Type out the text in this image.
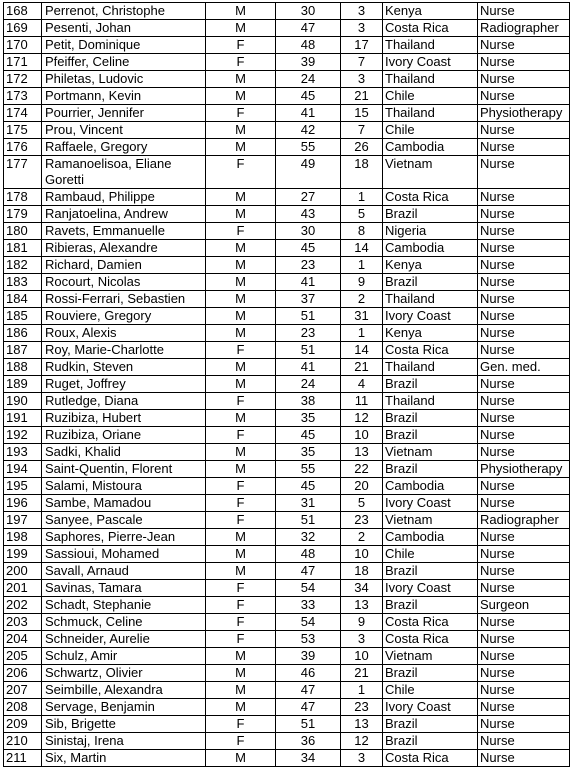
168	Perrenot, Christophe	M	30	3	Kenya	Nurse
169	Pesenti, Johan	M	47	3	Costa Rica	Radiographer
170	Petit, Dominique	F	48	17	Thailand	Nurse
171	Pfeiffer, Celine	F	39	7	Ivory Coast	Nurse
172	Philetas, Ludovic	M	24	3	Thailand	Nurse
173	Portmann, Kevin	M	45	21	Chile	Nurse
174	Pourrier, Jennifer	F	41	15	Thailand	Physiotherapy
175	Prou, Vincent	M	42	7	Chile	Nurse
176	Raffaele, Gregory	M	55	26	Cambodia	Nurse
177	Ramanoelisoa, Eliane Goretti	F	49	18	Vietnam	Nurse
178	Rambaud, Philippe	M	27	1	Costa Rica	Nurse
179	Ranjatoelina, Andrew	M	43	5	Brazil	Nurse
180	Ravets, Emmanuelle	F	30	8	Nigeria	Nurse
181	Ribieras, Alexandre	M	45	14	Cambodia	Nurse
182	Richard, Damien	M	23	1	Kenya	Nurse
183	Rocourt, Nicolas	M	41	9	Brazil	Nurse
184	Rossi-Ferrari, Sebastien	M	37	2	Thailand	Nurse
185	Rouviere, Gregory	M	51	31	Ivory Coast	Nurse
186	Roux, Alexis	M	23	1	Kenya	Nurse
187	Roy, Marie-Charlotte	F	51	14	Costa Rica	Nurse
188	Rudkin, Steven	M	41	21	Thailand	Gen. med.
189	Ruget, Joffrey	M	24	4	Brazil	Nurse
190	Rutledge, Diana	F	38	11	Thailand	Nurse
191	Ruzibiza, Hubert	M	35	12	Brazil	Nurse
192	Ruzibiza, Oriane	F	45	10	Brazil	Nurse
193	Sadki, Khalid	M	35	13	Vietnam	Nurse
194	Saint-Quentin, Florent	M	55	22	Brazil	Physiotherapy
195	Salami, Mistoura	F	45	20	Cambodia	Nurse
196	Sambe, Mamadou	F	31	5	Ivory Coast	Nurse
197	Sanyee, Pascale	F	51	23	Vietnam	Radiographer
198	Saphores, Pierre-Jean	M	32	2	Cambodia	Nurse
199	Sassioui, Mohamed	M	48	10	Chile	Nurse
200	Savall, Arnaud	M	47	18	Brazil	Nurse
201	Savinas, Tamara	F	54	34	Ivory Coast	Nurse
202	Schadt, Stephanie	F	33	13	Brazil	Surgeon
203	Schmuck, Celine	F	54	9	Costa Rica	Nurse
204	Schneider, Aurelie	F	53	3	Costa Rica	Nurse
205	Schulz, Amir	M	39	10	Vietnam	Nurse
206	Schwartz, Olivier	M	46	21	Brazil	Nurse
207	Seimbille, Alexandra	M	47	1	Chile	Nurse
208	Servage, Benjamin	M	47	23	Ivory Coast	Nurse
209	Sib, Brigette	F	51	13	Brazil	Nurse
210	Sinistaj, Irena	F	36	12	Brazil	Nurse
211	Six, Martin	M	34	3	Costa Rica	Nurse
